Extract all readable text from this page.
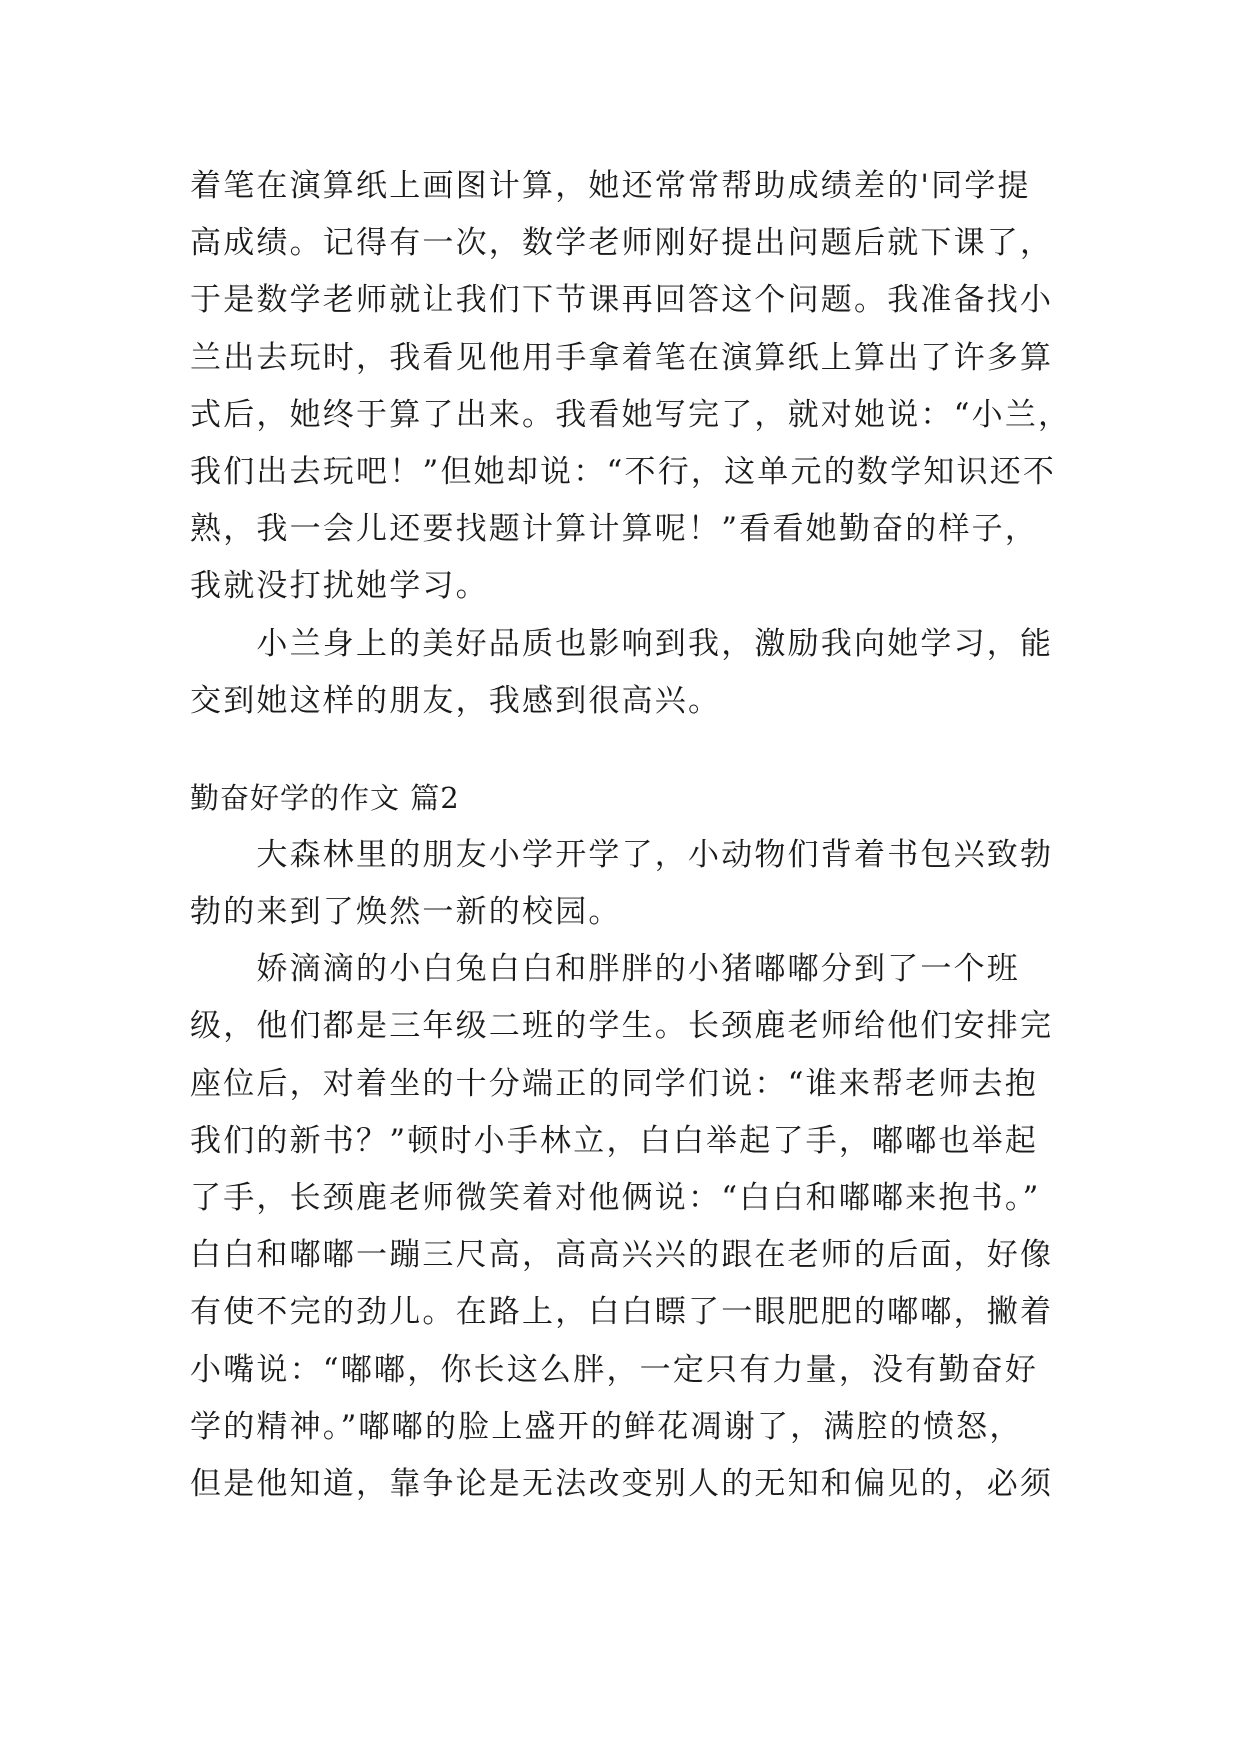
着笔在演算纸上画图计算，她还常常帮助成绩差的'同学提
高成绩。记得有一次，数学老师刚好提出问题后就下课了，
于是数学老师就让我们下节课再回答这个问题。我准备找小
兰出去玩时，我看见他用手拿着笔在演算纸上算出了许多算
式后，她终于算了出来。我看她写完了，就对她说：“小兰，
我们出去玩吧！”但她却说：“不行，这单元的数学知识还不
熟，我一会儿还要找题计算计算呢！”看看她勤奋的样子，
我就没打扰她学习。
　　小兰身上的美好品质也影响到我，激励我向她学习，能
交到她这样的朋友，我感到很高兴。
勤奋好学的作文 篇2
　　大森林里的朋友小学开学了，小动物们背着书包兴致勃
勃的来到了焕然一新的校园。
　　娇滴滴的小白兔白白和胖胖的小猪嘟嘟分到了一个班
级，他们都是三年级二班的学生。长颈鹿老师给他们安排完
座位后，对着坐的十分端正的同学们说：“谁来帮老师去抱
我们的新书？”顿时小手林立，白白举起了手，嘟嘟也举起
了手，长颈鹿老师微笑着对他俩说：“白白和嘟嘟来抱书。”
白白和嘟嘟一蹦三尺高，高高兴兴的跟在老师的后面，好像
有使不完的劲儿。在路上，白白瞟了一眼肥肥的嘟嘟，撇着
小嘴说：“嘟嘟，你长这么胖，一定只有力量，没有勤奋好
学的精神。”嘟嘟的脸上盛开的鲜花凋谢了，满腔的愤怒，
但是他知道，靠争论是无法改变别人的无知和偏见的，必须
